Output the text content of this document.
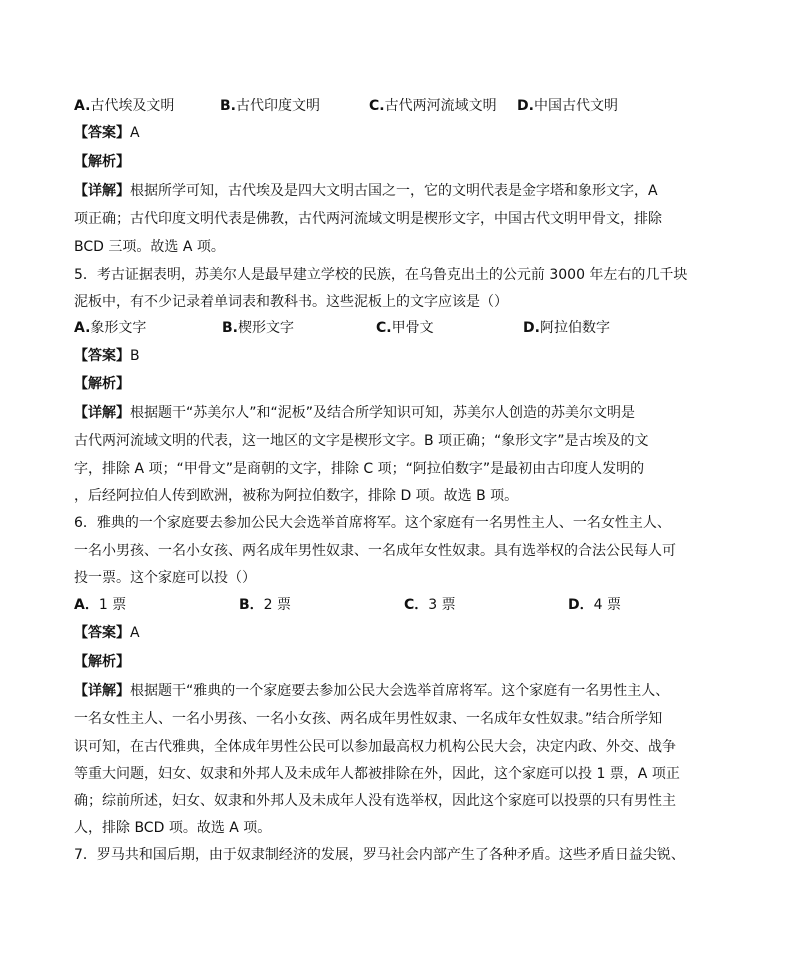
A.古代埃及文明	B.古代印度文明	C.古代两河流域文明 D.中国古代文明
【答案】A
【解析】
【详解】根据所学可知，古代埃及是四大文明古国之一，它的文明代表是金字塔和象形文字，A
项正确；古代印度文明代表是佛教，古代两河流域文明是楔形文字，中国古代文明甲骨文，排除
BCD 三项。故选 A 项。
5．考古证据表明，苏美尔人是最早建立学校的民族，在乌鲁克出土的公元前 3000 年左右的几千块
泥板中，有不少记录着单词表和教科书。这些泥板上的文字应该是（）
A.象形文字	B.楔形文字	C.甲骨文	D.阿拉伯数字
【答案】B
【解析】
【详解】根据题干“苏美尔人”和“泥板”及结合所学知识可知，苏美尔人创造的苏美尔文明是
古代两河流域文明的代表，这一地区的文字是楔形文字。B 项正确；“象形文字”是古埃及的文
字，排除 A 项；“甲骨文”是商朝的文字，排除 C 项；“阿拉伯数字”是最初由古印度人发明的
，后经阿拉伯人传到欧洲，被称为阿拉伯数字，排除 D 项。故选 B 项。
6．雅典的一个家庭要去参加公民大会选举首席将军。这个家庭有一名男性主人、一名女性主人、
一名小男孩、一名小女孩、两名成年男性奴隶、一名成年女性奴隶。具有选举权的合法公民每人可
投一票。这个家庭可以投（）
A．1 票	B．2 票	C．3 票	D．4 票
【答案】A
【解析】
【详解】根据题干“雅典的一个家庭要去参加公民大会选举首席将军。这个家庭有一名男性主人、
一名女性主人、一名小男孩、一名小女孩、两名成年男性奴隶、一名成年女性奴隶。”结合所学知
识可知，在古代雅典，全体成年男性公民可以参加最高权力机构公民大会，决定内政、外交、战争
等重大问题，妇女、奴隶和外邦人及未成年人都被排除在外，因此，这个家庭可以投 1 票，A 项正
确；综前所述，妇女、奴隶和外邦人及未成年人没有选举权，因此这个家庭可以投票的只有男性主
人，排除 BCD 项。故选 A 项。
7．罗马共和国后期，由于奴隶制经济的发展，罗马社会内部产生了各种矛盾。这些矛盾日益尖锐、
